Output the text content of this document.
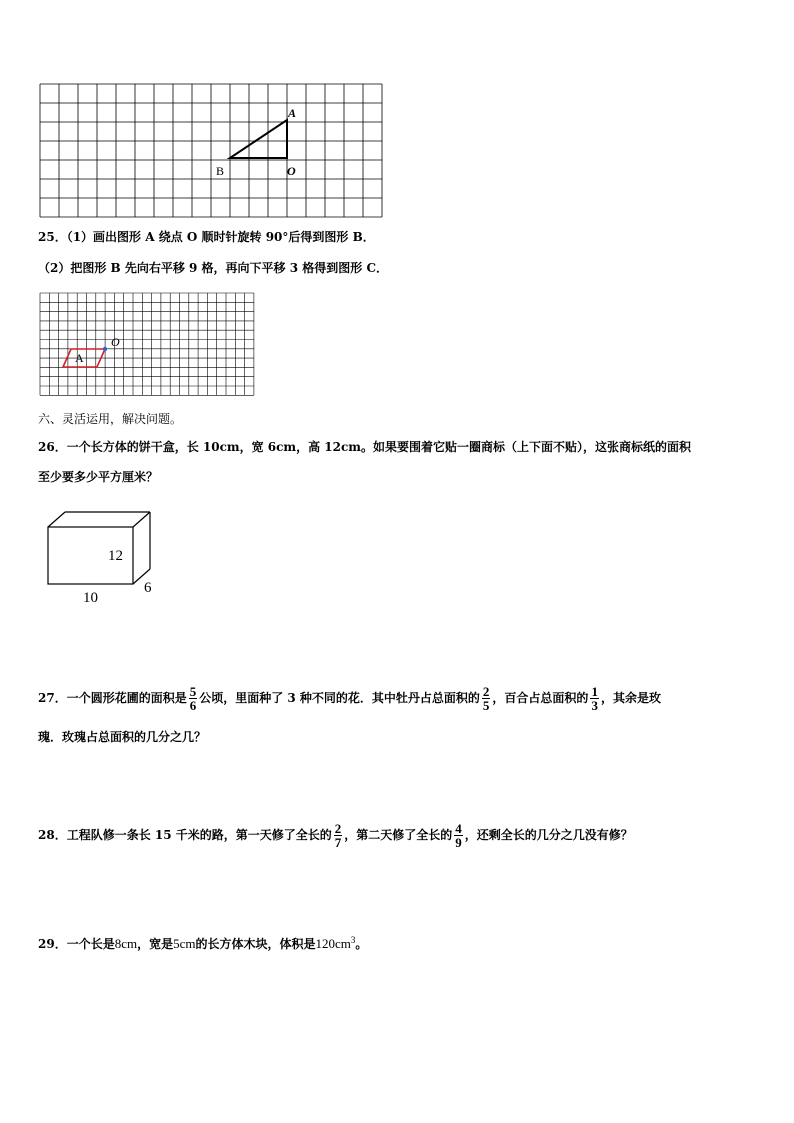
A
B	O
25．（1）画出图形 A 绕点 O 顺时针旋转 90°后得到图形 B．
（2）把图形 B 先向右平移 9 格，再向下平移 3 格得到图形 C．
A
O
六、灵活运用，解决问题。
26．一个长方体的饼干盒，长 10cm，宽 6cm，高 12cm。如果要围着它贴一圈商标（上下面不贴），这张商标纸的面积
至少要多少平方厘米？
12
10
6
27．一个圆形花圃的面积是 $\frac{5}{6}$ 公顷，里面种了 3 种不同的花．其中牡丹占总面积的 $\frac{2}{5}$ ，百合占总面积的 $\frac{1}{3}$ ，其余是玫
瑰．玫瑰占总面积的几分之几？
28．工程队修一条长 15 千米的路，第一天修了全长的 $\frac{2}{7}$ ，第二天修了全长的 $\frac{4}{9}$ ，还剩全长的几分之几没有修？
29．一个长是8cm，宽是5cm的长方体木块，体积是$120cm^3$。
